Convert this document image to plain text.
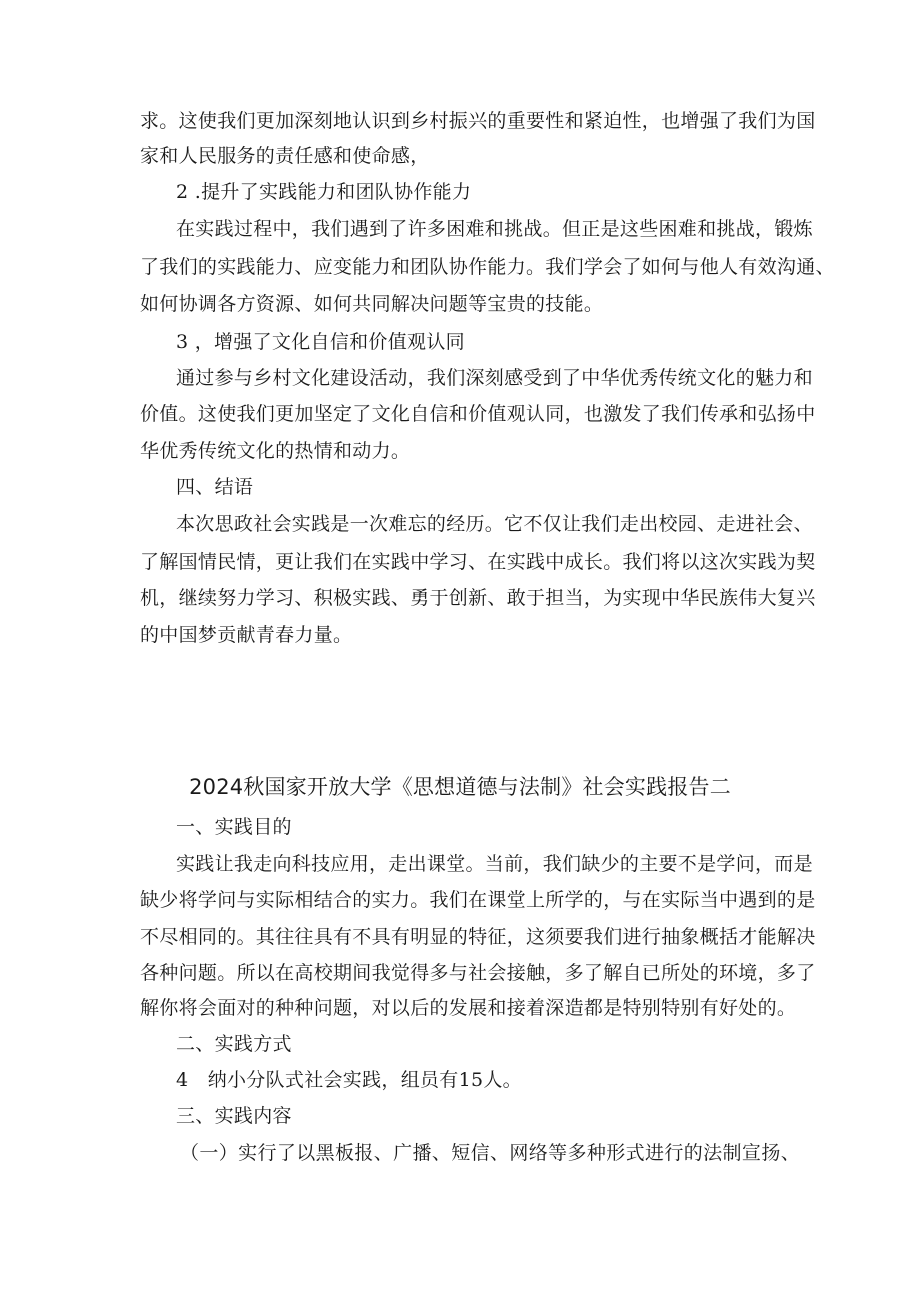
求。这使我们更加深刻地认识到乡村振兴的重要性和紧迫性，也增强了我们为国
家和人民服务的责任感和使命感，
2 .提升了实践能力和团队协作能力
在实践过程中，我们遇到了许多困难和挑战。但正是这些困难和挑战，锻炼
了我们的实践能力、应变能力和团队协作能力。我们学会了如何与他人有效沟通、
如何协调各方资源、如何共同解决问题等宝贵的技能。
3 ，增强了文化自信和价值观认同
通过参与乡村文化建设活动，我们深刻感受到了中华优秀传统文化的魅力和
价值。这使我们更加坚定了文化自信和价值观认同，也激发了我们传承和弘扬中
华优秀传统文化的热情和动力。
四、结语
本次思政社会实践是一次难忘的经历。它不仅让我们走出校园、走进社会、
了解国情民情，更让我们在实践中学习、在实践中成长。我们将以这次实践为契
机，继续努力学习、积极实践、勇于创新、敢于担当，为实现中华民族伟大复兴
的中国梦贡献青春力量。
2024秋国家开放大学《思想道德与法制》社会实践报告二
一、实践目的
实践让我走向科技应用，走出课堂。当前，我们缺少的主要不是学问，而是
缺少将学问与实际相结合的实力。我们在课堂上所学的，与在实际当中遇到的是
不尽相同的。其往往具有不具有明显的特征，这须要我们进行抽象概括才能解决
各种问题。所以在高校期间我觉得多与社会接触，多了解自已所处的环境，多了
解你将会面对的种种问题，对以后的发展和接着深造都是特别特别有好处的。
二、实践方式
4　纳小分队式社会实践，组员有15人。
三、实践内容
（一）实行了以黑板报、广播、短信、网络等多种形式进行的法制宣扬、
